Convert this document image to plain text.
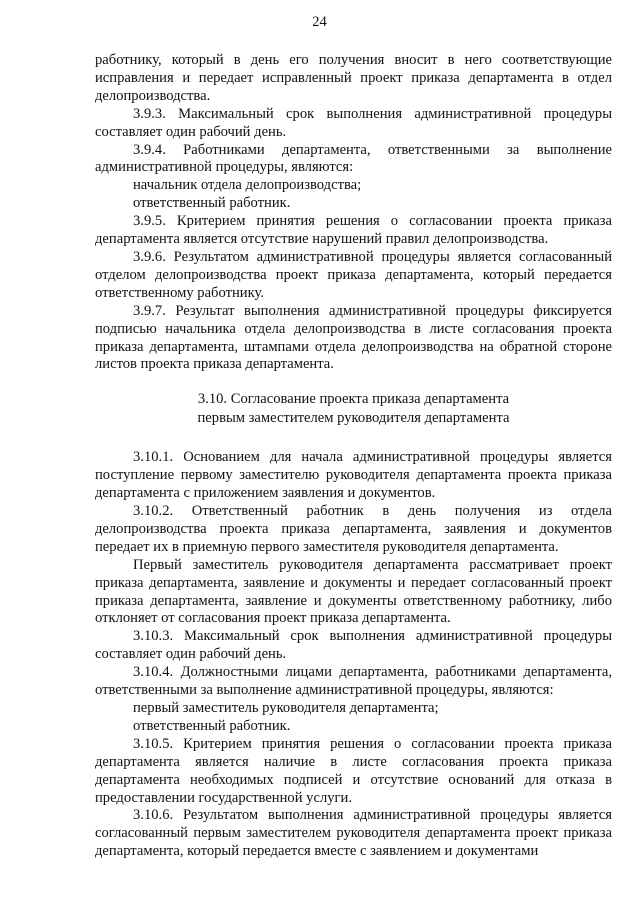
24

работнику, который в день его получения вносит в него соответствующие исправления и передает исправленный проект приказа департамента в отдел делопроизводства.

3.9.3. Максимальный срок выполнения административной процедуры составляет один рабочий день.

3.9.4. Работниками департамента, ответственными за выполнение административной процедуры, являются:

начальник отдела делопроизводства;

ответственный работник.

3.9.5. Критерием принятия решения о согласовании проекта приказа департамента является отсутствие нарушений правил делопроизводства.

3.9.6. Результатом административной процедуры является согласованный отделом делопроизводства проект приказа департамента, который передается ответственному работнику.

3.9.7. Результат выполнения административной процедуры фиксируется подписью начальника отдела делопроизводства в листе согласования проекта приказа департамента, штампами отдела делопроизводства на обратной стороне листов проекта приказа департамента.

3.10. Согласование проекта приказа департамента
первым заместителем руководителя департамента

3.10.1. Основанием для начала административной процедуры является поступление первому заместителю руководителя департамента проекта приказа департамента с приложением заявления и документов.

3.10.2. Ответственный работник в день получения из отдела делопроизводства проекта приказа департамента, заявления и документов передает их в приемную первого заместителя руководителя департамента.

Первый заместитель руководителя департамента рассматривает проект приказа департамента, заявление и документы и передает согласованный проект приказа департамента, заявление и документы ответственному работнику, либо отклоняет от согласования проект приказа департамента.

3.10.3. Максимальный срок выполнения административной процедуры составляет один рабочий день.

3.10.4. Должностными лицами департамента, работниками департамента, ответственными за выполнение административной процедуры, являются:

первый заместитель руководителя департамента;

ответственный работник.

3.10.5. Критерием принятия решения о согласовании проекта приказа департамента является наличие в листе согласования проекта приказа департамента необходимых подписей и отсутствие оснований для отказа в предоставлении государственной услуги.

3.10.6. Результатом выполнения административной процедуры является согласованный первым заместителем руководителя департамента проект приказа департамента, который передается вместе с заявлением и документами
